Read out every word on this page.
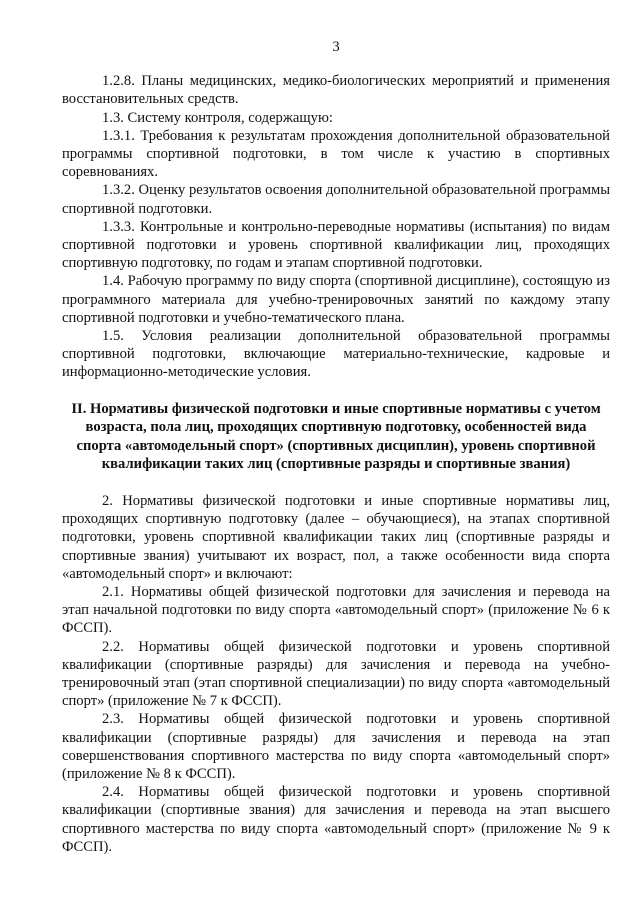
3

1.2.8. Планы медицинских, медико-биологических мероприятий и применения восстановительных средств.

1.3. Систему контроля, содержащую:

1.3.1. Требования к результатам прохождения дополнительной образовательной программы спортивной подготовки, в том числе к участию в спортивных соревнованиях.

1.3.2. Оценку результатов освоения дополнительной образовательной программы спортивной подготовки.

1.3.3. Контрольные и контрольно-переводные нормативы (испытания) по видам спортивной подготовки и уровень спортивной квалификации лиц, проходящих спортивную подготовку, по годам и этапам спортивной подготовки.

1.4. Рабочую программу по виду спорта (спортивной дисциплине), состоящую из программного материала для учебно-тренировочных занятий по каждому этапу спортивной подготовки и учебно-тематического плана.

1.5. Условия реализации дополнительной образовательной программы спортивной подготовки, включающие материально-технические, кадровые и информационно-методические условия.

II. Нормативы физической подготовки и иные спортивные нормативы с учетом возраста, пола лиц, проходящих спортивную подготовку, особенностей вида спорта «автомодельный спорт» (спортивных дисциплин), уровень спортивной квалификации таких лиц (спортивные разряды и спортивные звания)

2. Нормативы физической подготовки и иные спортивные нормативы лиц, проходящих спортивную подготовку (далее – обучающиеся), на этапах спортивной подготовки, уровень спортивной квалификации таких лиц (спортивные разряды и спортивные звания) учитывают их возраст, пол, а также особенности вида спорта «автомодельный спорт» и включают:

2.1. Нормативы общей физической подготовки для зачисления и перевода на этап начальной подготовки по виду спорта «автомодельный спорт» (приложение № 6 к ФССП).

2.2. Нормативы общей физической подготовки и уровень спортивной квалификации (спортивные разряды) для зачисления и перевода на учебно-тренировочный этап (этап спортивной специализации) по виду спорта «автомодельный спорт» (приложение № 7 к ФССП).

2.3. Нормативы общей физической подготовки и уровень спортивной квалификации (спортивные разряды) для зачисления и перевода на этап совершенствования спортивного мастерства по виду спорта «автомодельный спорт» (приложение № 8 к ФССП).

2.4. Нормативы общей физической подготовки и уровень спортивной квалификации (спортивные звания) для зачисления и перевода на этап высшего спортивного мастерства по виду спорта «автомодельный спорт» (приложение № 9 к ФССП).
